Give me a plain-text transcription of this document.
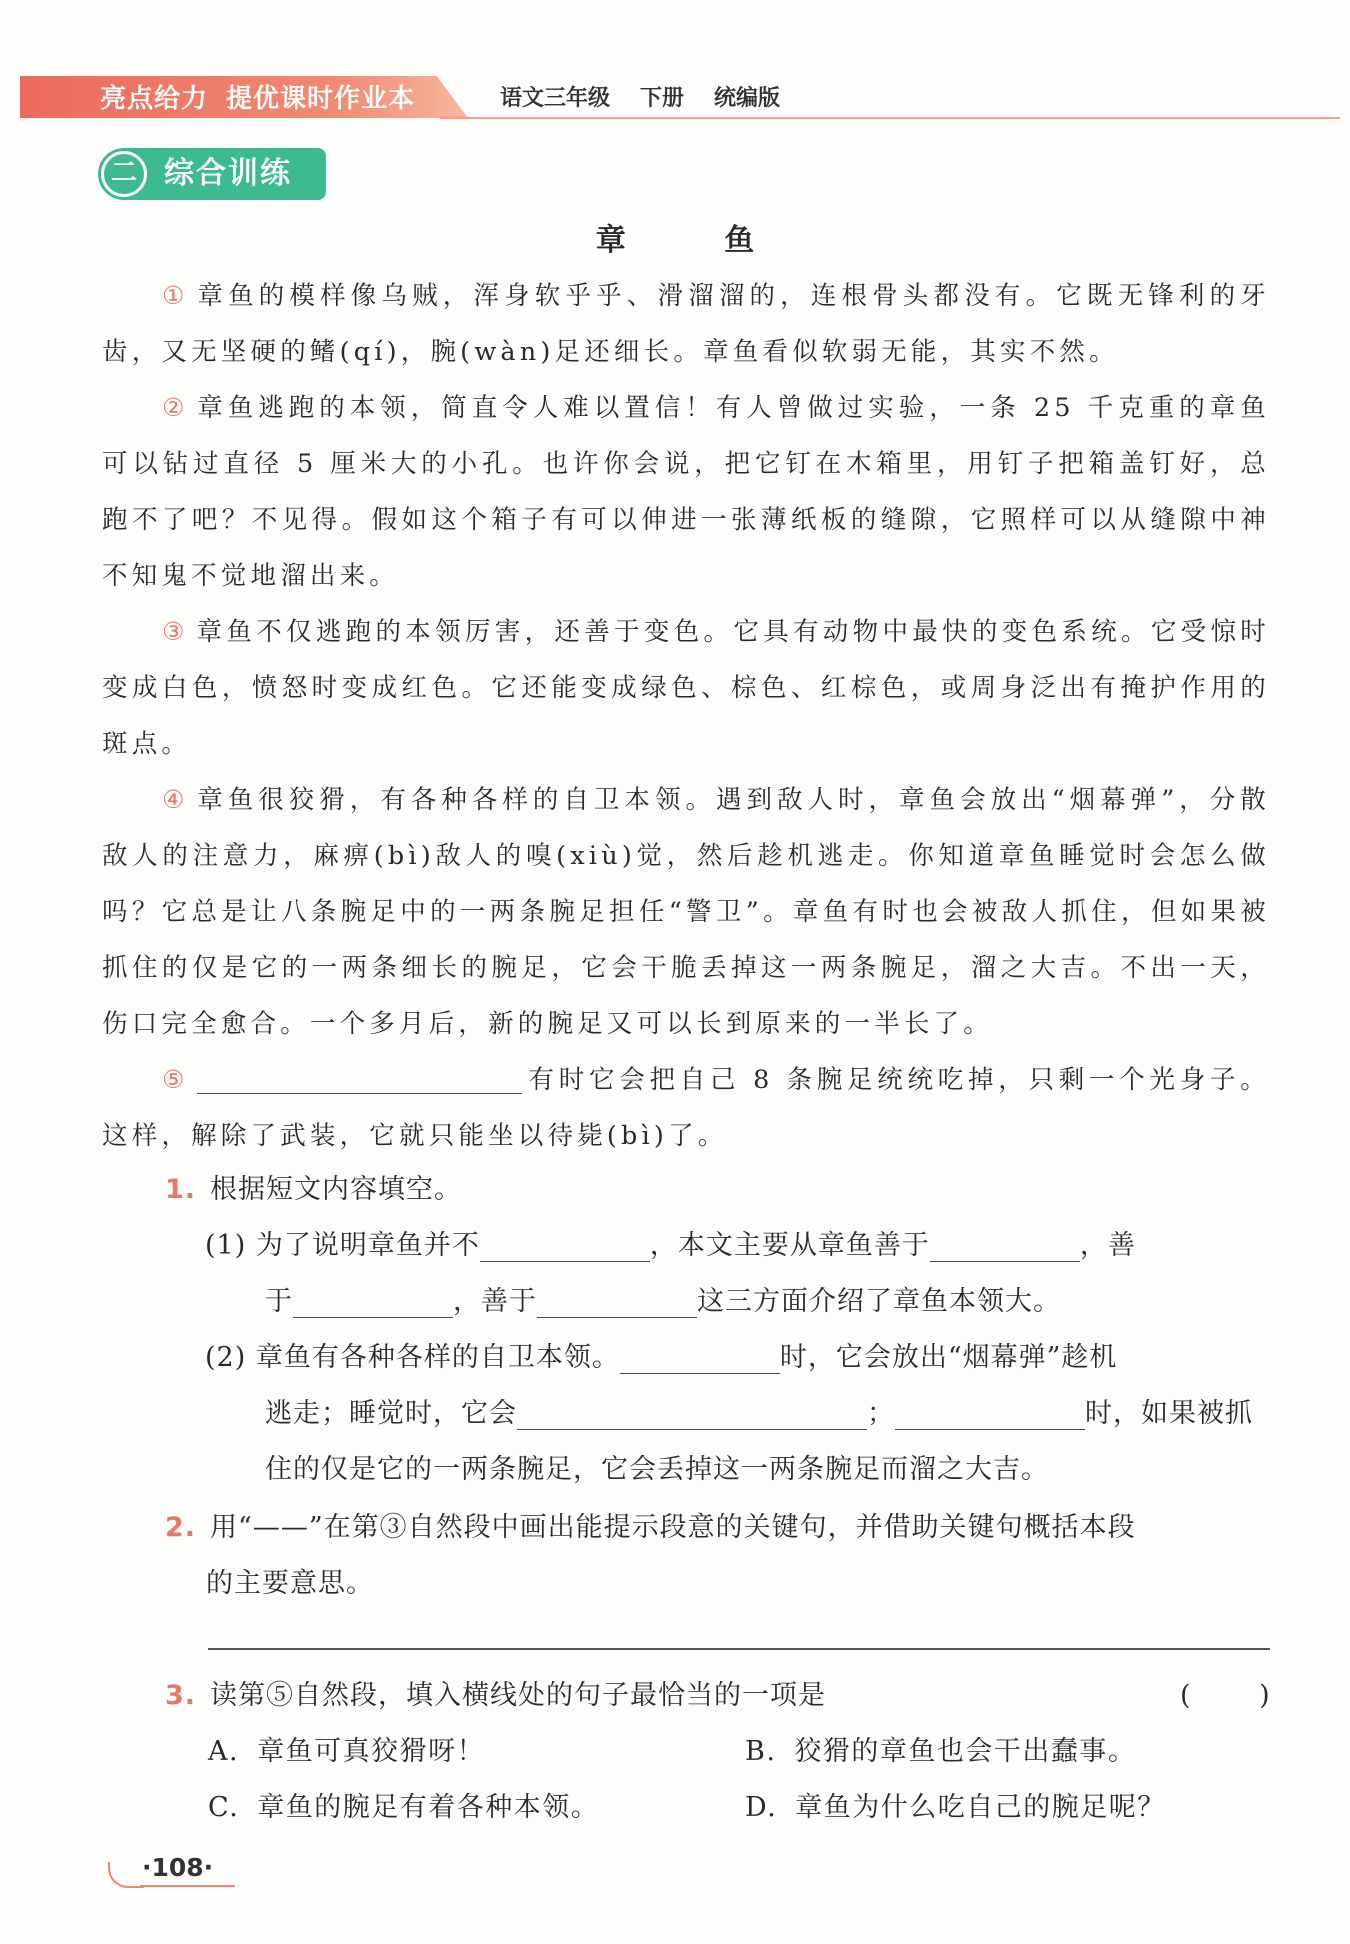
亮点给力 提优课时作业本	语文三年级 下册 统编版
二 综合训练
章 鱼

① 章鱼的模样像乌贼，浑身软乎乎、滑溜溜的，连根骨头都没有。它既无锋利的牙齿，又无坚硬的鳍(qí)，腕(wàn)足还细长。章鱼看似软弱无能，其实不然。

② 章鱼逃跑的本领，简直令人难以置信！有人曾做过实验，一条 25 千克重的章鱼可以钻过直径 5 厘米大的小孔。也许你会说，把它钉在木箱里，用钉子把箱盖钉好，总跑不了吧？不见得。假如这个箱子有可以伸进一张薄纸板的缝隙，它照样可以从缝隙中神不知鬼不觉地溜出来。

③ 章鱼不仅逃跑的本领厉害，还善于变色。它具有动物中最快的变色系统。它受惊时变成白色，愤怒时变成红色。它还能变成绿色、棕色、红棕色，或周身泛出有掩护作用的斑点。

④ 章鱼很狡猾，有各种各样的自卫本领。遇到敌人时，章鱼会放出“烟幕弹”，分散敌人的注意力，麻痹(bì)敌人的嗅(xiù)觉，然后趁机逃走。你知道章鱼睡觉时会怎么做吗？它总是让八条腕足中的一两条腕足担任“警卫”。章鱼有时也会被敌人抓住，但如果被抓住的仅是它的一两条细长的腕足，它会干脆丢掉这一两条腕足，溜之大吉。不出一天，伤口完全愈合。一个多月后，新的腕足又可以长到原来的一半长了。

⑤	有时它会把自己 8 条腕足统统吃掉，只剩一个光身子。这样，解除了武装，它就只能坐以待毙(bì)了。

1. 根据短文内容填空。
(1) 为了说明章鱼并不	，本文主要从章鱼善于	，善
于	，善于	这三方面介绍了章鱼本领大。
(2) 章鱼有各种各样的自卫本领。	时，它会放出“烟幕弹”趁机
逃走；睡觉时，它会	；	时，如果被抓
住的仅是它的一两条腕足，它会丢掉这一两条腕足而溜之大吉。
2. 用“——”在第③自然段中画出能提示段意的关键句，并借助关键句概括本段
的主要意思。
3. 读第⑤自然段，填入横线处的句子最恰当的一项是	( )
A. 章鱼可真狡猾呀！	B. 狡猾的章鱼也会干出蠢事。
C. 章鱼的腕足有着各种本领。	D. 章鱼为什么吃自己的腕足呢？
·108·
